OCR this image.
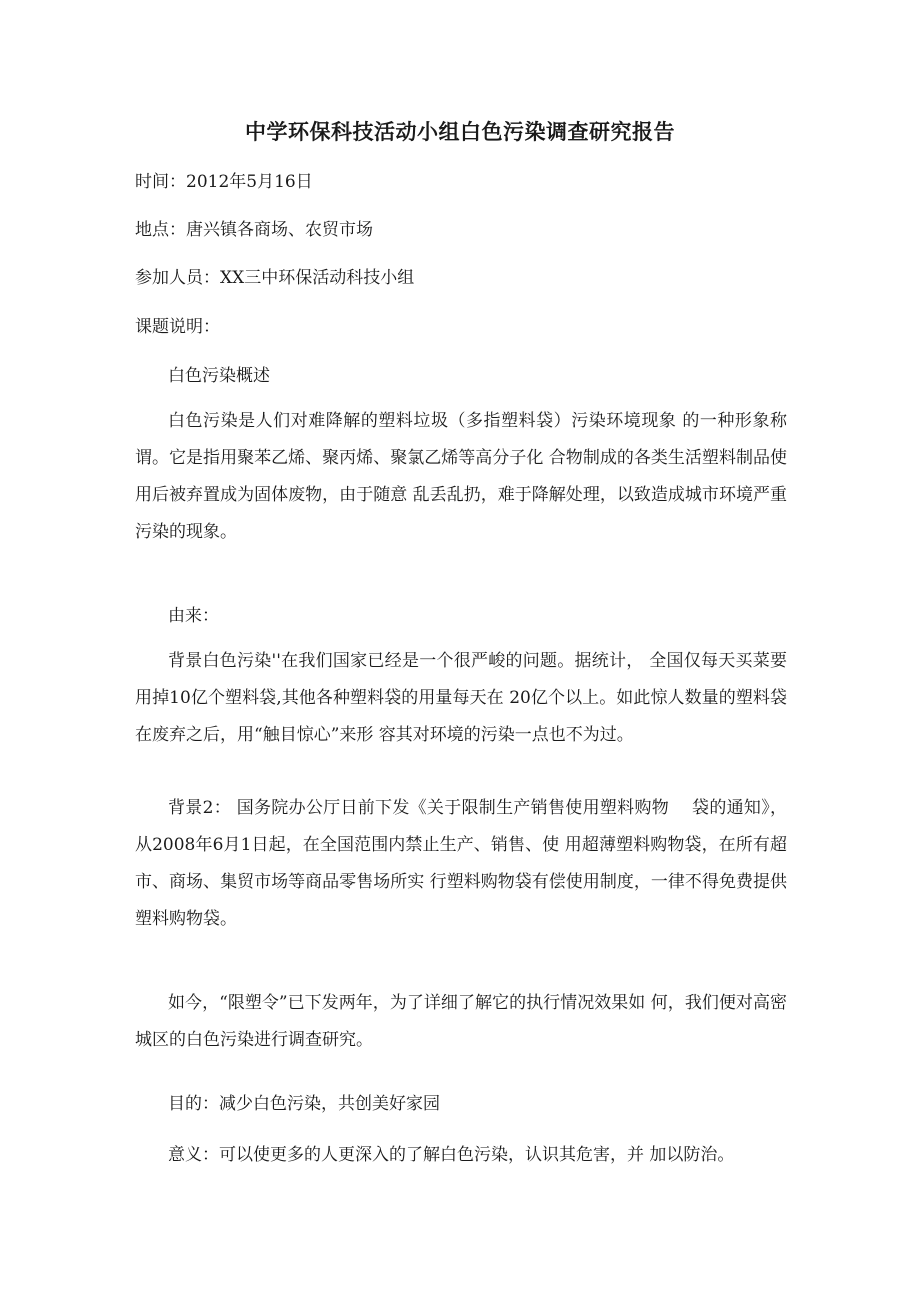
中学环保科技活动小组白色污染调查研究报告

时间：2012年5月16日

地点：唐兴镇各商场、农贸市场

参加人员：XX三中环保活动科技小组

课题说明：

白色污染概述

白色污染是人们对难降解的塑料垃圾（多指塑料袋）污染环境现象 的一种形象称谓。它是指用聚苯乙烯、聚丙烯、聚氯乙烯等高分子化 合物制成的各类生活塑料制品使用后被弃置成为固体废物，由于随意 乱丢乱扔，难于降解处理，以致造成城市环境严重污染的现象。

由来：

背景白色污染''在我们国家已经是一个很严峻的问题。据统计， 全国仅每天买菜要用掉10亿个塑料袋,其他各种塑料袋的用量每天在 20亿个以上。如此惊人数量的塑料袋在废弃之后，用“触目惊心”来形 容其对环境的污染一点也不为过。

背景2： 国务院办公厅日前下发《关于限制生产销售使用塑料购物　 袋的通知》，从2008年6月1日起，在全国范围内禁止生产、销售、使 用超薄塑料购物袋，在所有超市、商场、集贸市场等商品零售场所实 行塑料购物袋有偿使用制度，一律不得免费提供塑料购物袋。

如今，“限塑令”已下发两年，为了详细了解它的执行情况效果如 何，我们便对高密城区的白色污染进行调查研究。

目的：减少白色污染，共创美好家园

意义：可以使更多的人更深入的了解白色污染，认识其危害，并 加以防治。
